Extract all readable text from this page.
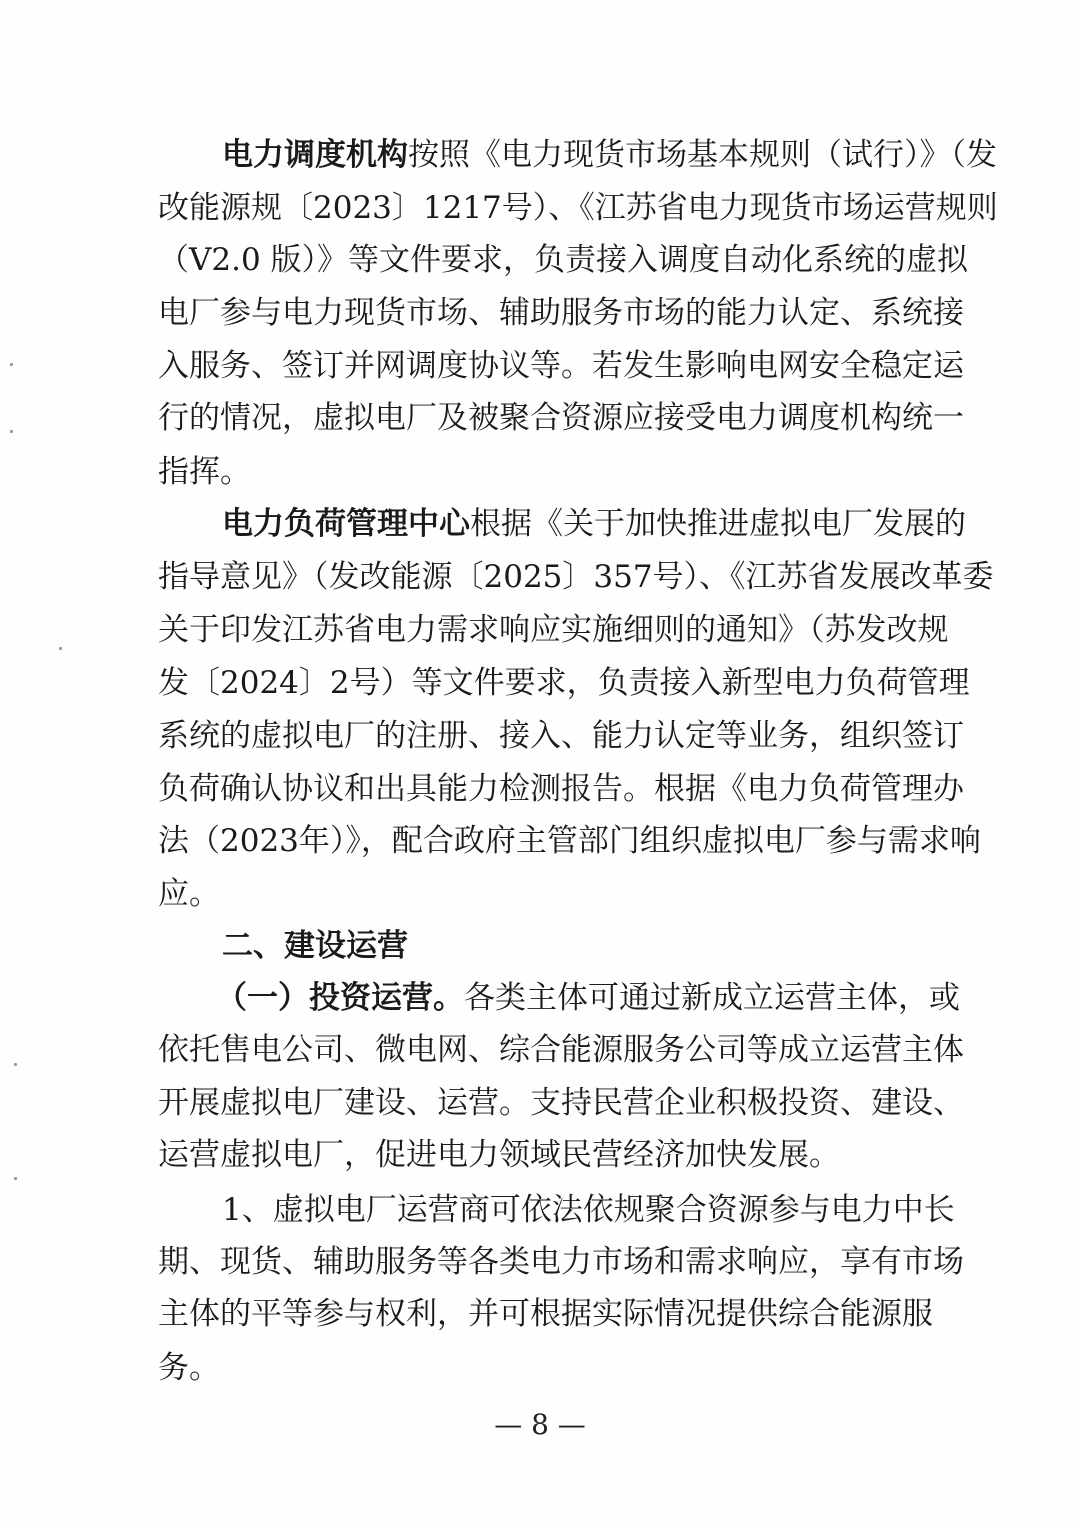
电力调度机构按照《电力现货市场基本规则（试行）》（发
改能源规〔2023〕1217号）、《江苏省电力现货市场运营规则
（V2.0 版）》等文件要求，负责接入调度自动化系统的虚拟
电厂参与电力现货市场、辅助服务市场的能力认定、系统接
入服务、签订并网调度协议等。若发生影响电网安全稳定运
行的情况，虚拟电厂及被聚合资源应接受电力调度机构统一
指挥。
电力负荷管理中心根据《关于加快推进虚拟电厂发展的
指导意见》（发改能源〔2025〕357号）、《江苏省发展改革委
关于印发江苏省电力需求响应实施细则的通知》（苏发改规
发〔2024〕2号）等文件要求，负责接入新型电力负荷管理
系统的虚拟电厂的注册、接入、能力认定等业务，组织签订
负荷确认协议和出具能力检测报告。根据《电力负荷管理办
法（2023年）》，配合政府主管部门组织虚拟电厂参与需求响
应。
二、建设运营
（一）投资运营。各类主体可通过新成立运营主体，或
依托售电公司、微电网、综合能源服务公司等成立运营主体
开展虚拟电厂建设、运营。支持民营企业积极投资、建设、
运营虚拟电厂，促进电力领域民营经济加快发展。
1、虚拟电厂运营商可依法依规聚合资源参与电力中长
期、现货、辅助服务等各类电力市场和需求响应，享有市场
主体的平等参与权利，并可根据实际情况提供综合能源服
务。
— 8 —
